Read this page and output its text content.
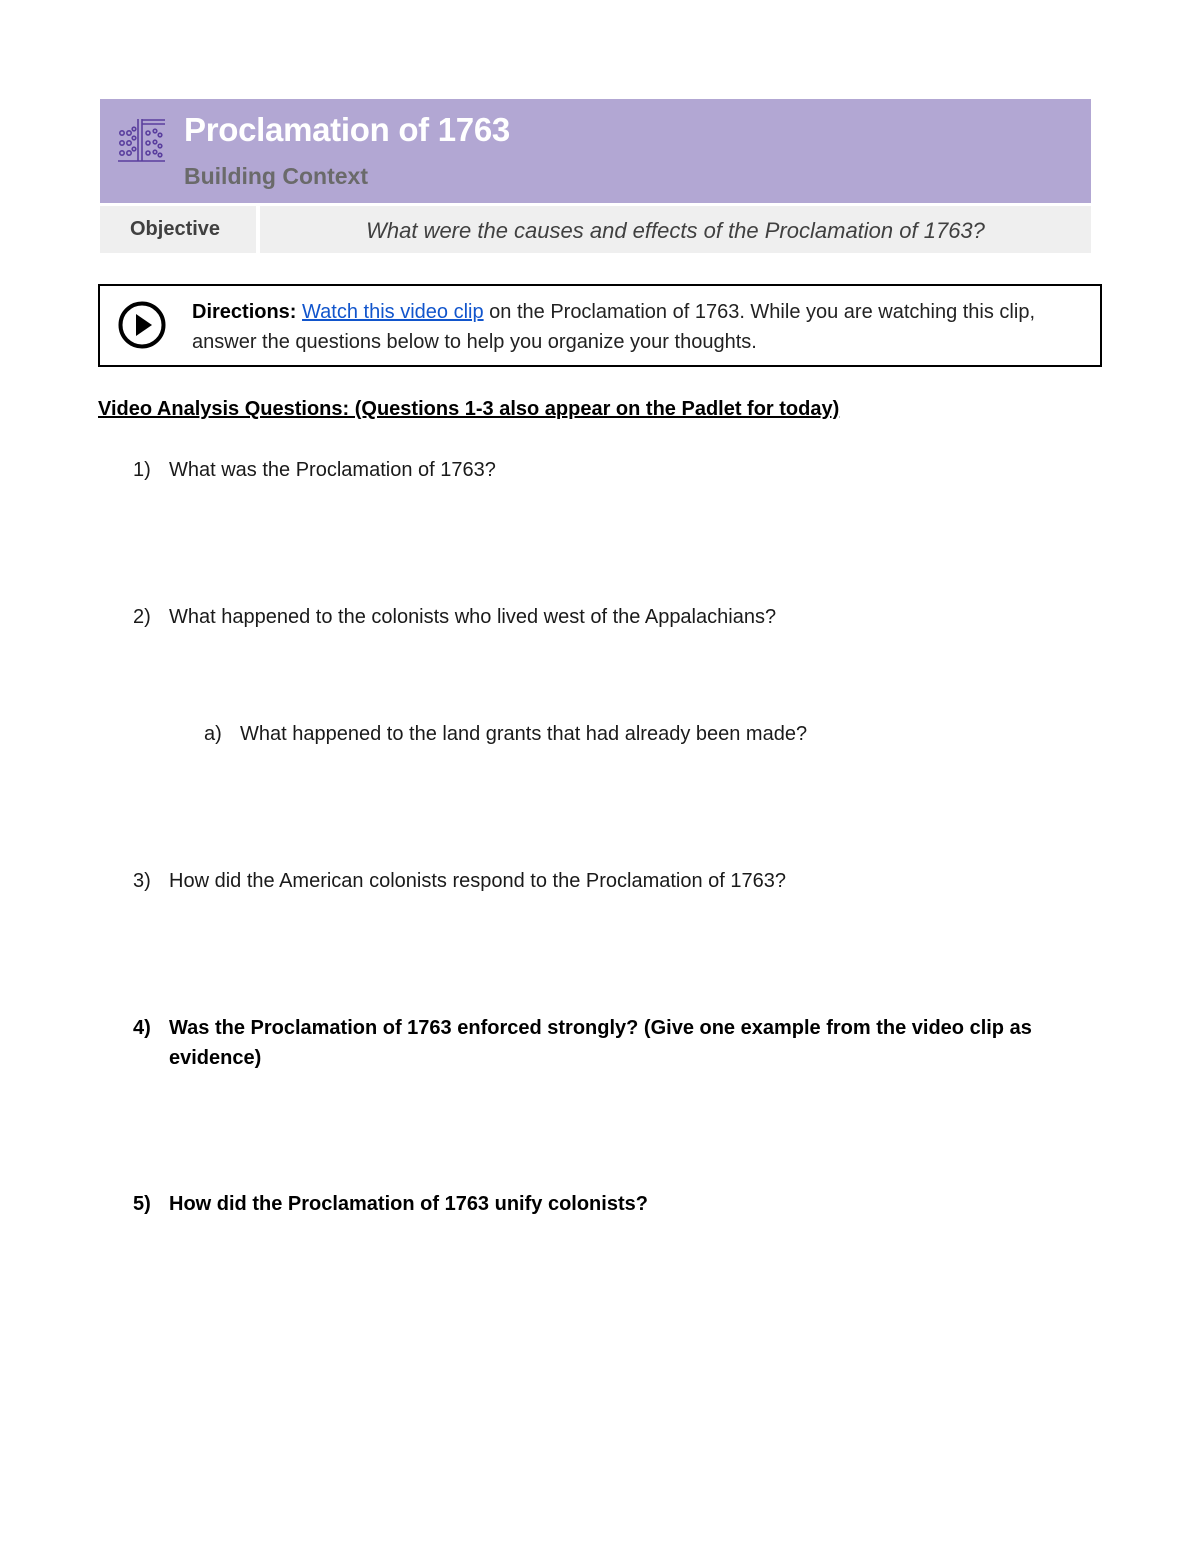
Proclamation of 1763
Building Context
Objective	What were the causes and effects of the Proclamation of 1763?
Directions: Watch this video clip on the Proclamation of 1763. While you are watching this clip, answer the questions below to help you organize your thoughts.
Video Analysis Questions: (Questions 1-3 also appear on the Padlet for today)
1) What was the Proclamation of 1763?
2) What happened to the colonists who lived west of the Appalachians?
a) What happened to the land grants that had already been made?
3) How did the American colonists respond to the Proclamation of 1763?
4) Was the Proclamation of 1763 enforced strongly? (Give one example from the video clip as evidence)
5) How did the Proclamation of 1763 unify colonists?
